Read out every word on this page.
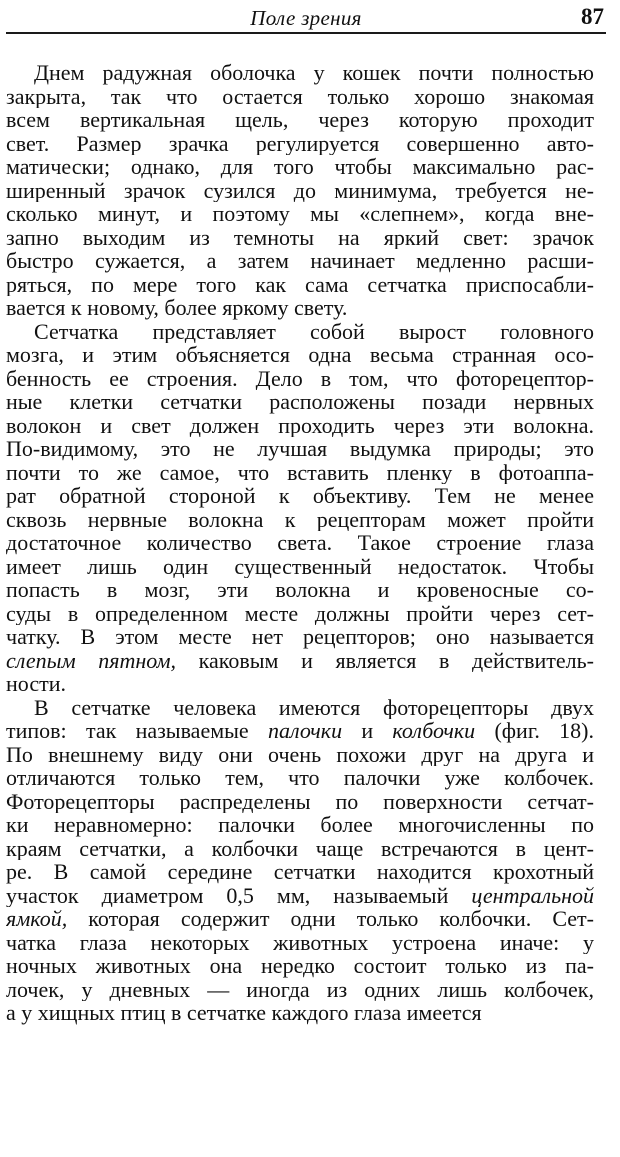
Поле зрения	87
Днем радужная оболочка у кошек почти полностью
закрыта, так что остается только хорошо знакомая
всем вертикальная щель, через которую проходит
свет. Размер зрачка регулируется совершенно авто-
матически; однако, для того чтобы максимально рас-
ширенный зрачок сузился до минимума, требуется не-
сколько минут, и поэтому мы «слепнем», когда вне-
запно выходим из темноты на яркий свет: зрачок
быстро сужается, а затем начинает медленно расши-
ряться, по мере того как сама сетчатка приспосабли-
вается к новому, более яркому свету.
Сетчатка представляет собой вырост головного
мозга, и этим объясняется одна весьма странная осо-
бенность ее строения. Дело в том, что фоторецептор-
ные клетки сетчатки расположены позади нервных
волокон и свет должен проходить через эти волокна.
По-видимому, это не лучшая выдумка природы; это
почти то же самое, что вставить пленку в фотоаппа-
рат обратной стороной к объективу. Тем не менее
сквозь нервные волокна к рецепторам может пройти
достаточное количество света. Такое строение глаза
имеет лишь один существенный недостаток. Чтобы
попасть в мозг, эти волокна и кровеносные со-
суды в определенном месте должны пройти через сет-
чатку. В этом месте нет рецепторов; оно называется
слепым пятном, каковым и является в действитель-
ности.
В сетчатке человека имеются фоторецепторы двух
типов: так называемые палочки и колбочки (фиг. 18).
По внешнему виду они очень похожи друг на друга и
отличаются только тем, что палочки уже колбочек.
Фоторецепторы распределены по поверхности сетчат-
ки неравномерно: палочки более многочисленны по
краям сетчатки, а колбочки чаще встречаются в цент-
ре. В самой середине сетчатки находится крохотный
участок диаметром 0,5 мм, называемый центральной
ямкой, которая содержит одни только колбочки. Сет-
чатка глаза некоторых животных устроена иначе: у
ночных животных она нередко состоит только из па-
лочек, у дневных — иногда из одних лишь колбочек,
а у хищных птиц в сетчатке каждого глаза имеется
